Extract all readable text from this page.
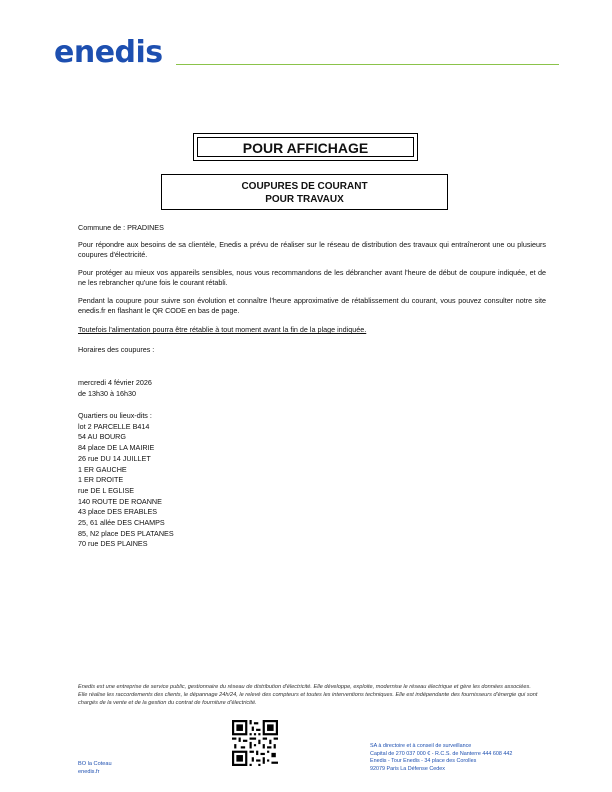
enedis
POUR AFFICHAGE
COUPURES DE COURANT
POUR TRAVAUX
Commune de : PRADINES
Pour répondre aux besoins de sa clientèle, Enedis a prévu de réaliser sur le réseau de distribution des travaux qui entraîneront une ou plusieurs coupures d'électricité.
Pour protéger au mieux vos appareils sensibles, nous vous recommandons de les débrancher avant l'heure de début de coupure indiquée, et de ne les rebrancher qu'une fois le courant rétabli.
Pendant la coupure pour suivre son évolution et connaître l'heure approximative de rétablissement du courant, vous pouvez consulter notre site enedis.fr en flashant le QR CODE en bas de page.
Toutefois l'alimentation pourra être rétablie à tout moment avant la fin de la plage indiquée.
Horaires des coupures :
mercredi 4 février 2026
de 13h30 à 16h30
Quartiers ou lieux-dits :
lot 2 PARCELLE B414
54 AU BOURG
84 place DE LA MAIRIE
26 rue DU 14 JUILLET
1 ER GAUCHE
1 ER DROITE
rue DE L EGLISE
140 ROUTE DE ROANNE
43 place DES ERABLES
25, 61 allée DES CHAMPS
85, N2 place DES PLATANES
70 rue DES PLAINES
Enedis est une entreprise de service public, gestionnaire du réseau de distribution d'électricité. Elle développe, exploite, modernise le réseau électrique et gère les données associées. Elle réalise les raccordements des clients, le dépannage 24h/24, le relevé des compteurs et toutes les interventions techniques. Elle est indépendante des fournisseurs d'énergie qui sont chargés de la vente et de la gestion du contrat de fourniture d'électricité.
SA à directoire et à conseil de surveillance
Capital de 270 037 000 € - R.C.S. de Nanterre 444 608 442
Enedis - Tour Enedis - 34 place des Corolles
92079 Paris La Défense Cedex
BO la Coteau
enedis.fr
